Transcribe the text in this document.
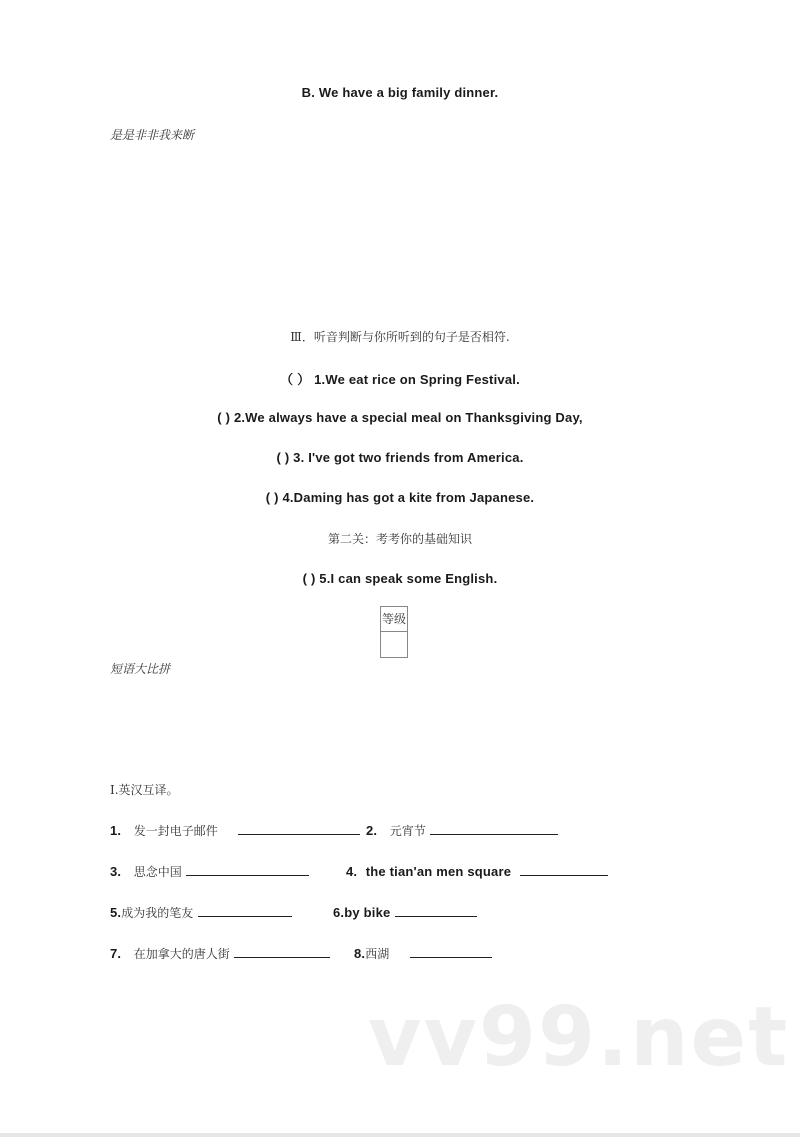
B. We have a big family dinner.
是是非非我来断
Ⅲ．听音判断与你所听到的句子是否相符.
（ ） 1.We eat rice on Spring Festival.
( ) 2.We always have a special meal on Thanksgiving Day,
( ) 3. I've got two friends from America.
( ) 4.Daming has got a kite from Japanese.
第二关：考考你的基础知识
( ) 5.I can speak some English.
等级
短语大比拼
Ⅰ.英汉互译。
1. 发一封电子邮件	2. 元宵节
3. 思念中国	4. the tian'an men square
5.成为我的笔友	6.by bike
7. 在加拿大的唐人街	8.西湖
vv99.net
